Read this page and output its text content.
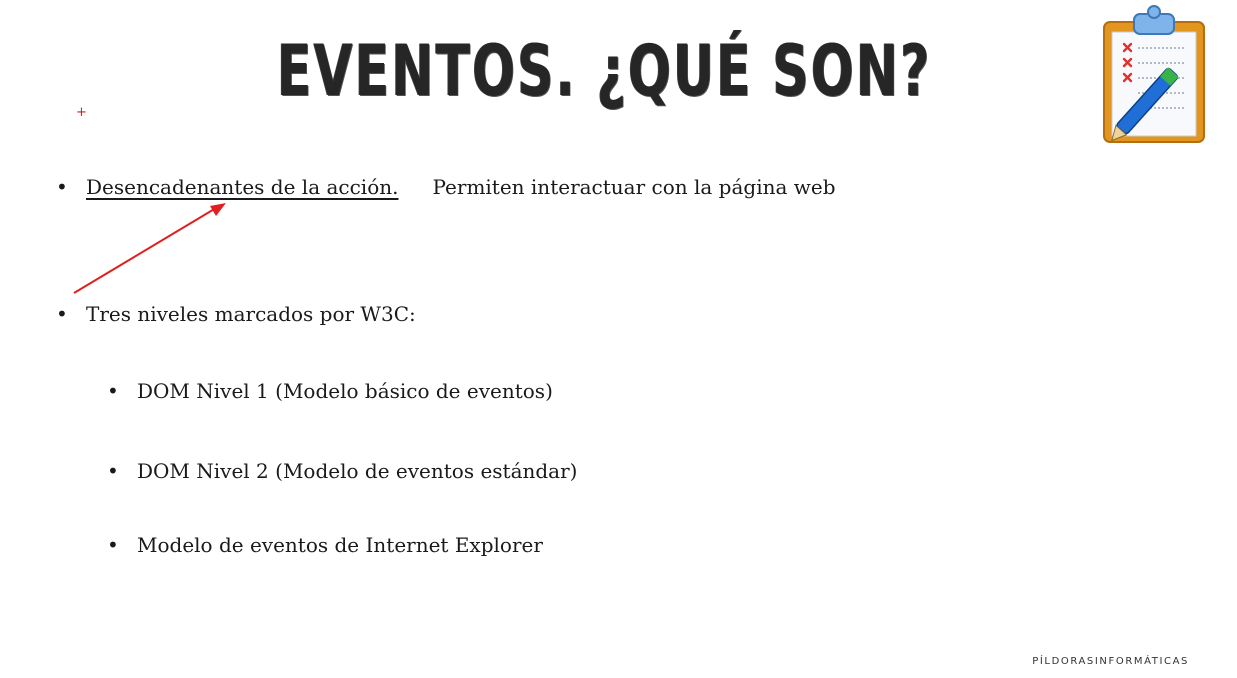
EVENTOS. ¿QUÉ SON?
+
• Desencadenantes de la acción. Permiten interactuar con la página web
• Tres niveles marcados por W3C:
• DOM Nivel 1 (Modelo básico de eventos)
• DOM Nivel 2 (Modelo de eventos estándar)
• Modelo de eventos de Internet Explorer
PÍLDORASINFORMÁTICAS
